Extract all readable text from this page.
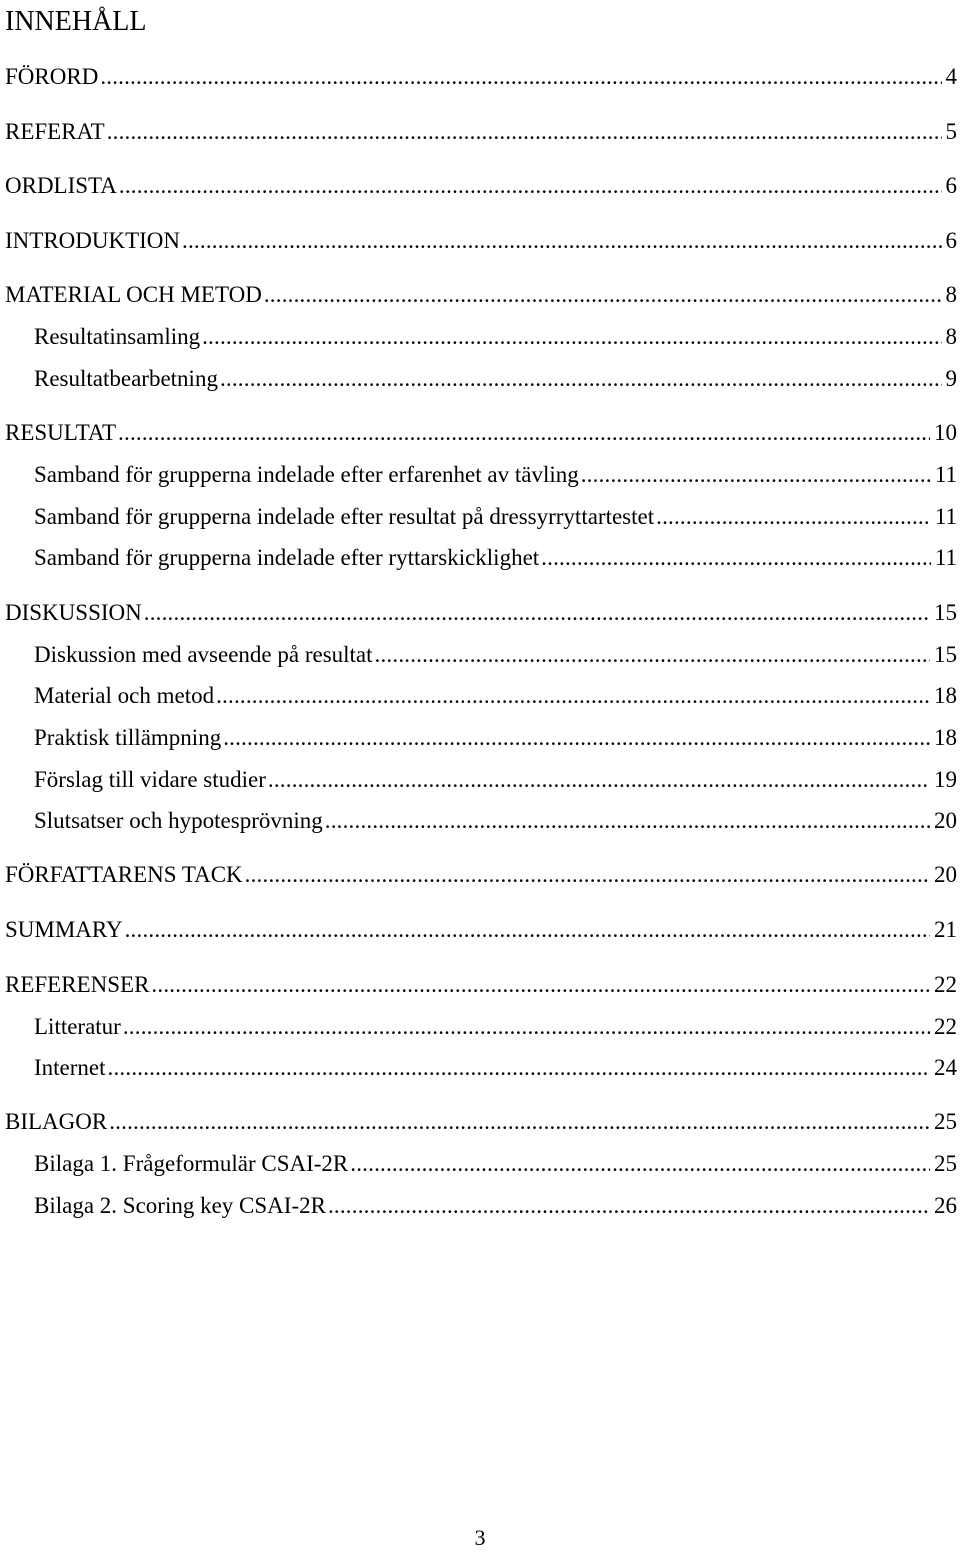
INNEHÅLL
FÖRORD .....	4
REFERAT .....	5
ORDLISTA .....	6
INTRODUKTION .....	6
MATERIAL OCH METOD .....	8
Resultatinsamling .....	8
Resultatbearbetning .....	9
RESULTAT .....	10
Samband för grupperna indelade efter erfarenhet av tävling .....	11
Samband för grupperna indelade efter resultat på dressyrryttartestet .....	11
Samband för grupperna indelade efter ryttarskicklighet .....	11
DISKUSSION .....	15
Diskussion med avseende på resultat .....	15
Material och metod .....	18
Praktisk tillämpning .....	18
Förslag till vidare studier .....	19
Slutsatser och hypotesprövning .....	20
FÖRFATTARENS TACK .....	20
SUMMARY .....	21
REFERENSER .....	22
Litteratur .....	22
Internet .....	24
BILAGOR .....	25
Bilaga 1. Frågeformulär CSAI-2R .....	25
Bilaga 2. Scoring key CSAI-2R .....	26
3
